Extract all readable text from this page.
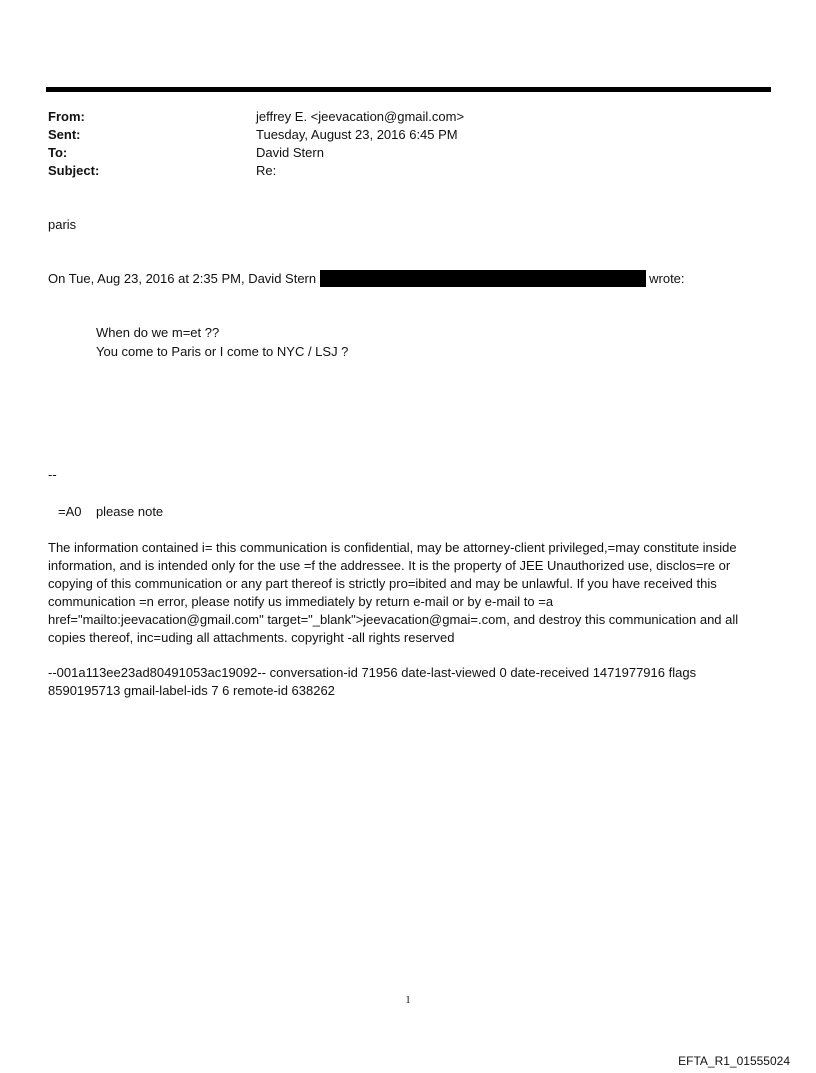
From:	jeffrey E. <jeevacation@gmail.com>
Sent:	Tuesday, August 23, 2016 6:45 PM
To:	David Stern
Subject:	Re:
paris
On Tue, Aug 23, 2016 at 2:35 PM, David Stern	wrote:
When do we m=et ??
You come to Paris or I come to NYC / LSJ ?
--
=A0    please note
The information contained i= this communication is confidential, may be attorney-client privileged,=may constitute inside information, and is intended only for the use =f the addressee. It is the property of JEE Unauthorized use, disclos=re or copying of this communication or any part thereof is strictly pro=ibited and may be unlawful. If you have received this communication =n error, please notify us immediately by return e-mail or by e-mail to =a href="mailto:jeevacation@gmail.com" target="_blank">jeevacation@gmai=.com, and destroy this communication and all copies thereof, inc=uding all attachments. copyright -all rights reserved
--001a113ee23ad80491053ac19092-- conversation-id 71956 date-last-viewed 0 date-received 1471977916 flags 8590195713 gmail-label-ids 7 6 remote-id 638262
1
EFTA_R1_01555024
